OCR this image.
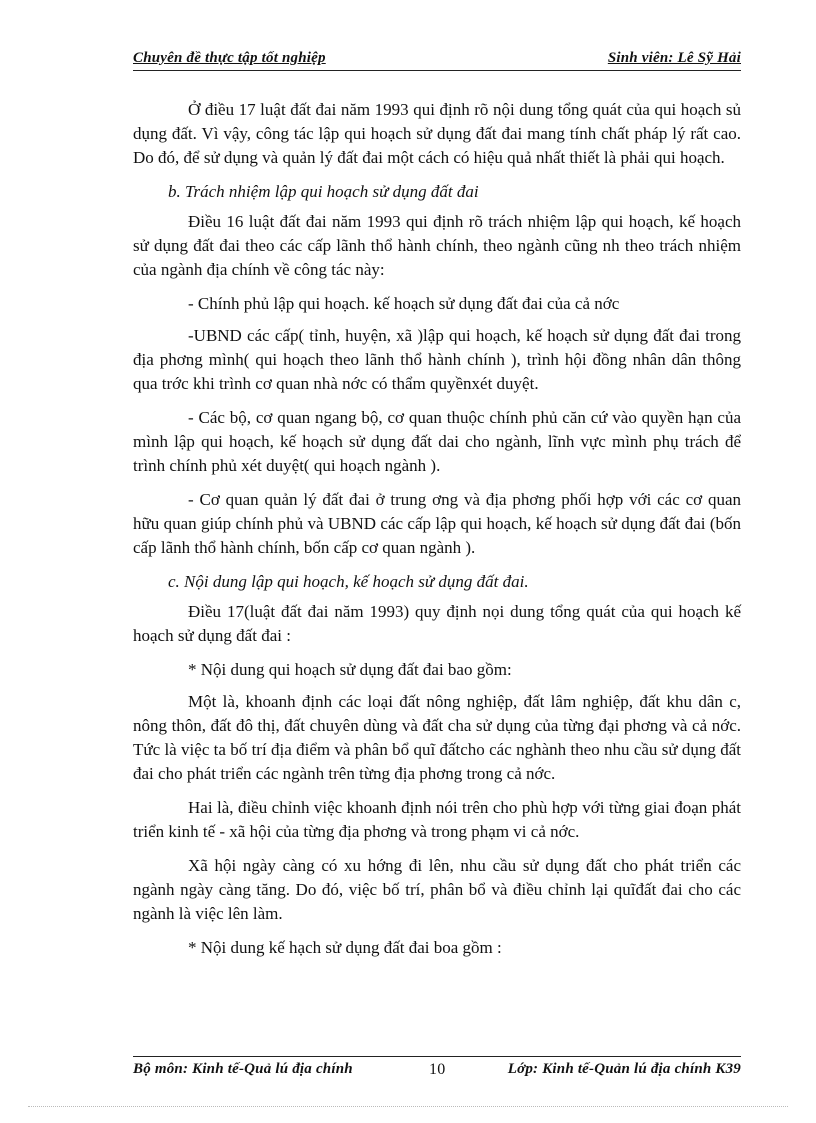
Chuyên đề thực tập tốt nghiệp	Sinh viên: Lê Sỹ Hải

Ở điều 17 luật đất đai năm 1993 qui định rõ nội dung tổng quát của qui hoạch sủ dụng đất. Vì vậy, công tác lập qui hoạch sử dụng đất đai mang tính chất pháp lý rất cao. Do đó, để sử dụng và quản lý đất đai một cách có hiệu quả nhất thiết là phải qui hoạch.

b. Trách nhiệm lập qui hoạch sử dụng đất đai

Điều 16 luật đất đai năm 1993 qui định rõ trách nhiệm lập qui hoạch, kế hoạch sử dụng đất đai theo các cấp lãnh thổ hành chính, theo ngành cũng nh theo trách nhiệm của ngành địa chính về công tác này:

- Chính phủ lập qui hoạch. kế hoạch sử dụng đất đai của cả nớc

-UBND các cấp( tỉnh, huyện, xã )lập qui hoạch, kế hoạch sử dụng đất đai trong địa phơng mình( qui hoạch theo lãnh thổ hành chính ), trình hội đồng nhân dân thông qua trớc khi trình cơ quan nhà nớc có thẩm quyềnxét duyệt.

- Các bộ, cơ quan ngang bộ, cơ quan thuộc chính phủ căn cứ vào quyền hạn của mình lập qui hoạch, kế hoạch sử dụng đất dai cho ngành, lĩnh vực mình phụ trách để trình chính phủ xét duyệt( qui hoạch ngành ).

- Cơ quan quản lý đất đai ở trung ơng và địa phơng phối hợp với các cơ quan hữu quan giúp chính phủ và UBND các cấp lập qui hoạch, kế hoạch sử dụng đất đai (bốn cấp lãnh thổ hành chính, bốn cấp cơ quan ngành ).

c. Nội dung lập qui hoạch, kế hoạch sử dụng đất đai.

Điều 17(luật đất đai năm 1993) quy định nọi dung tổng quát của qui hoạch kế hoạch sử dụng đất đai :

* Nội dung qui hoạch sử dụng đất đai bao gồm:

Một là, khoanh định các loại đất nông nghiệp, đất lâm nghiệp, đất khu dân c, nông thôn, đất đô thị, đất chuyên dùng và đất cha sử dụng của từng đại phơng và cả nớc. Tức là việc ta bố trí địa điểm và phân bổ quĩ đấtcho các nghành theo nhu cầu sử dụng đất đai cho phát triển các ngành trên từng địa phơng trong cả nớc.

Hai là, điều chỉnh việc khoanh định nói trên cho phù hợp với từng giai đoạn phát triển kinh tế - xã hội của từng địa phơng và trong phạm vi cả nớc.

Xã hội ngày càng có xu hớng đi lên, nhu cầu sử dụng đất cho phát triển các ngành ngày càng tăng. Do đó, việc bố trí, phân bổ và điều chỉnh lại quĩđất đai cho các ngành là việc lên làm.

* Nội dung kế hạch sử dụng đất đai boa gồm :

Bộ môn: Kinh tế-Quả lú địa chính	10	Lớp: Kinh tế-Quản lú địa chính K39
